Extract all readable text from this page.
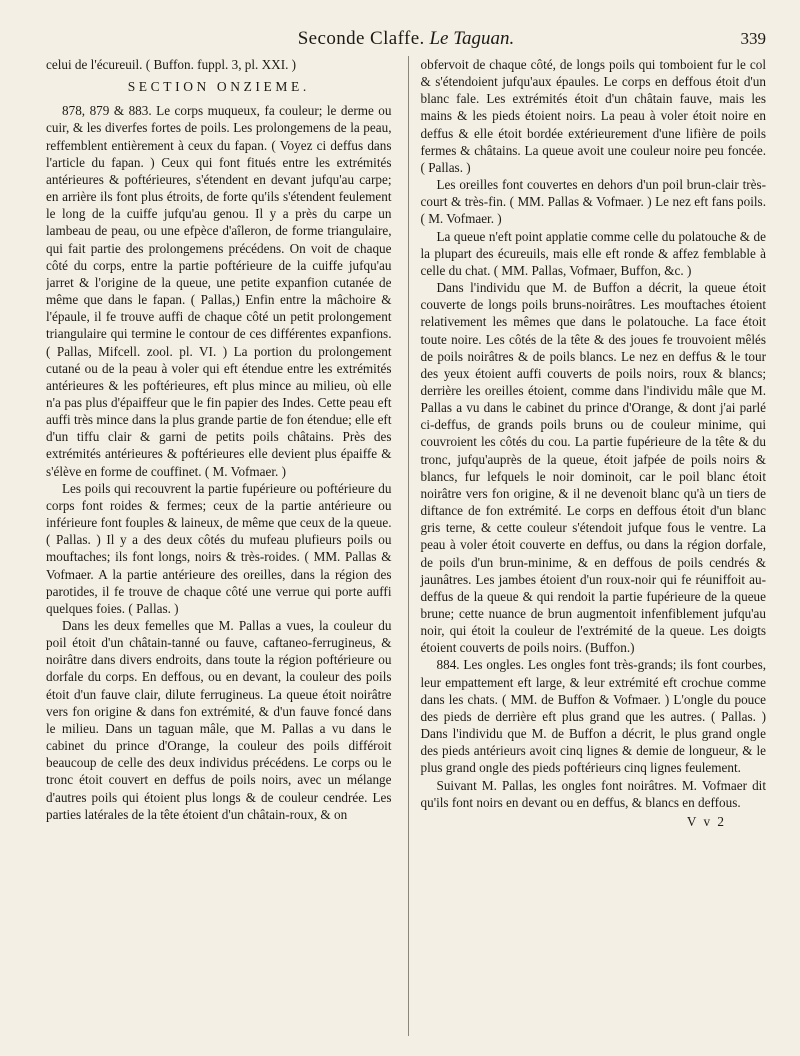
Seconde Claffe. Le Taguan.	339

celui de l'écureuil. ( Buffon. fuppl. 3, pl. XXI. )

SECTION ONZIEME.

878, 879 & 883. Le corps muqueux, fa couleur; le derme ou cuir, & les diverfes fortes de poils. Les prolongemens de la peau, reffemblent entièrement à ceux du fapan. ( Voyez ci deffus dans l'article du fapan. ) Ceux qui font fitués entre les extrémités antérieures & poftérieures, s'étendent en devant jufqu'au carpe; en arrière ils font plus étroits, de forte qu'ils s'étendent feulement le long de la cuiffe jufqu'au genou. Il y a près du carpe un lambeau de peau, ou une efpèce d'aîleron, de forme triangulaire, qui fait partie des prolongemens précédens. On voit de chaque côté du corps, entre la partie poftérieure de la cuiffe jufqu'au jarret & l'origine de la queue, une petite expanfion cutanée de même que dans le fapan. ( Pallas,) Enfin entre la mâchoire & l'épaule, il fe trouve auffi de chaque côté un petit prolongement triangulaire qui termine le contour de ces différentes expanfions. ( Pallas, Mifcell. zool. pl. VI. ) La portion du prolongement cutané ou de la peau à voler qui eft étendue entre les extrémités antérieures & les poftérieures, eft plus mince au milieu, où elle n'a pas plus d'épaiffeur que le fin papier des Indes. Cette peau eft auffi très mince dans la plus grande partie de fon étendue; elle eft d'un tiffu clair & garni de petits poils châtains. Près des extrémités antérieures & poftérieures elle devient plus épaiffe & s'élève en forme de couffinet. ( M. Vofmaer. )

Les poils qui recouvrent la partie fupérieure ou poftérieure du corps font roides & fermes; ceux de la partie antérieure ou inférieure font fouples & laineux, de même que ceux de la queue. ( Pallas. ) Il y a des deux côtés du mufeau plufieurs poils ou mouftaches; ils font longs, noirs & très-roides. ( MM. Pallas & Vofmaer. A la partie antérieure des oreilles, dans la région des parotides, il fe trouve de chaque côté une verrue qui porte auffi quelques foies. ( Pallas. )

Dans les deux femelles que M. Pallas a vues, la couleur du poil étoit d'un châtain-tanné ou fauve, caftaneo-ferrugineus, & noirâtre dans divers endroits, dans toute la région poftérieure ou dorfale du corps. En deffous, ou en devant, la couleur des poils étoit d'un fauve clair, dilute ferrugineus. La queue étoit noirâtre vers fon origine & dans fon extrémité, & d'un fauve foncé dans le milieu. Dans un taguan mâle, que M. Pallas a vu dans le cabinet du prince d'Orange, la couleur des poils différoit beaucoup de celle des deux individus précédens. Le corps ou le tronc étoit couvert en deffus de poils noirs, avec un mélange d'autres poils qui étoient plus longs & de couleur cendrée. Les parties latérales de la tête étoient d'un châtain-roux, & on

obfervoit de chaque côté, de longs poils qui tomboient fur le col & s'étendoient jufqu'aux épaules. Le corps en deffous étoit d'un blanc fale. Les extrémités étoit d'un châtain fauve, mais les mains & les pieds étoient noirs. La peau à voler étoit noire en deffus & elle étoit bordée extérieurement d'une lifière de poils fermes & châtains. La queue avoit une couleur noire peu foncée. ( Pallas. )

Les oreilles font couvertes en dehors d'un poil brun-clair très-court & très-fin. ( MM. Pallas & Vofmaer. ) Le nez eft fans poils. ( M. Vofmaer. )

La queue n'eft point applatie comme celle du polatouche & de la plupart des écureuils, mais elle eft ronde & affez femblable à celle du chat. ( MM. Pallas, Vofmaer, Buffon, &c. )

Dans l'individu que M. de Buffon a décrit, la queue étoit couverte de longs poils bruns-noirâtres. Les mouftaches étoient relativement les mêmes que dans le polatouche. La face étoit toute noire. Les côtés de la tête & des joues fe trouvoient mêlés de poils noirâtres & de poils blancs. Le nez en deffus & le tour des yeux étoient auffi couverts de poils noirs, roux & blancs; derrière les oreilles étoient, comme dans l'individu mâle que M. Pallas a vu dans le cabinet du prince d'Orange, & dont j'ai parlé ci-deffus, de grands poils bruns ou de couleur minime, qui couvroient les côtés du cou. La partie fupérieure de la tête & du tronc, jufqu'auprès de la queue, étoit jafpée de poils noirs & blancs, fur lefquels le noir dominoit, car le poil blanc étoit noirâtre vers fon origine, & il ne devenoit blanc qu'à un tiers de diftance de fon extrémité. Le corps en deffous étoit d'un blanc gris terne, & cette couleur s'étendoit jufque fous le ventre. La peau à voler étoit couverte en deffus, ou dans la région dorfale, de poils d'un brun-minime, & en deffous de poils cendrés & jaunâtres. Les jambes étoient d'un roux-noir qui fe réuniffoit au-deffus de la queue & qui rendoit la partie fupérieure de la queue brune; cette nuance de brun augmentoit infenfiblement jufqu'au noir, qui étoit la couleur de l'extrémité de la queue. Les doigts étoient couverts de poils noirs. (Buffon.)

884. Les ongles. Les ongles font très-grands; ils font courbes, leur empattement eft large, & leur extrémité eft crochue comme dans les chats. ( MM. de Buffon & Vofmaer. ) L'ongle du pouce des pieds de derrière eft plus grand que les autres. ( Pallas. ) Dans l'individu que M. de Buffon a décrit, le plus grand ongle des pieds antérieurs avoit cinq lignes & demie de longueur, & le plus grand ongle des pieds poftérieurs cinq lignes feulement.

Suivant M. Pallas, les ongles font noirâtres. M. Vofmaer dit qu'ils font noirs en devant ou en deffus, & blancs en deffous.

V v 2
